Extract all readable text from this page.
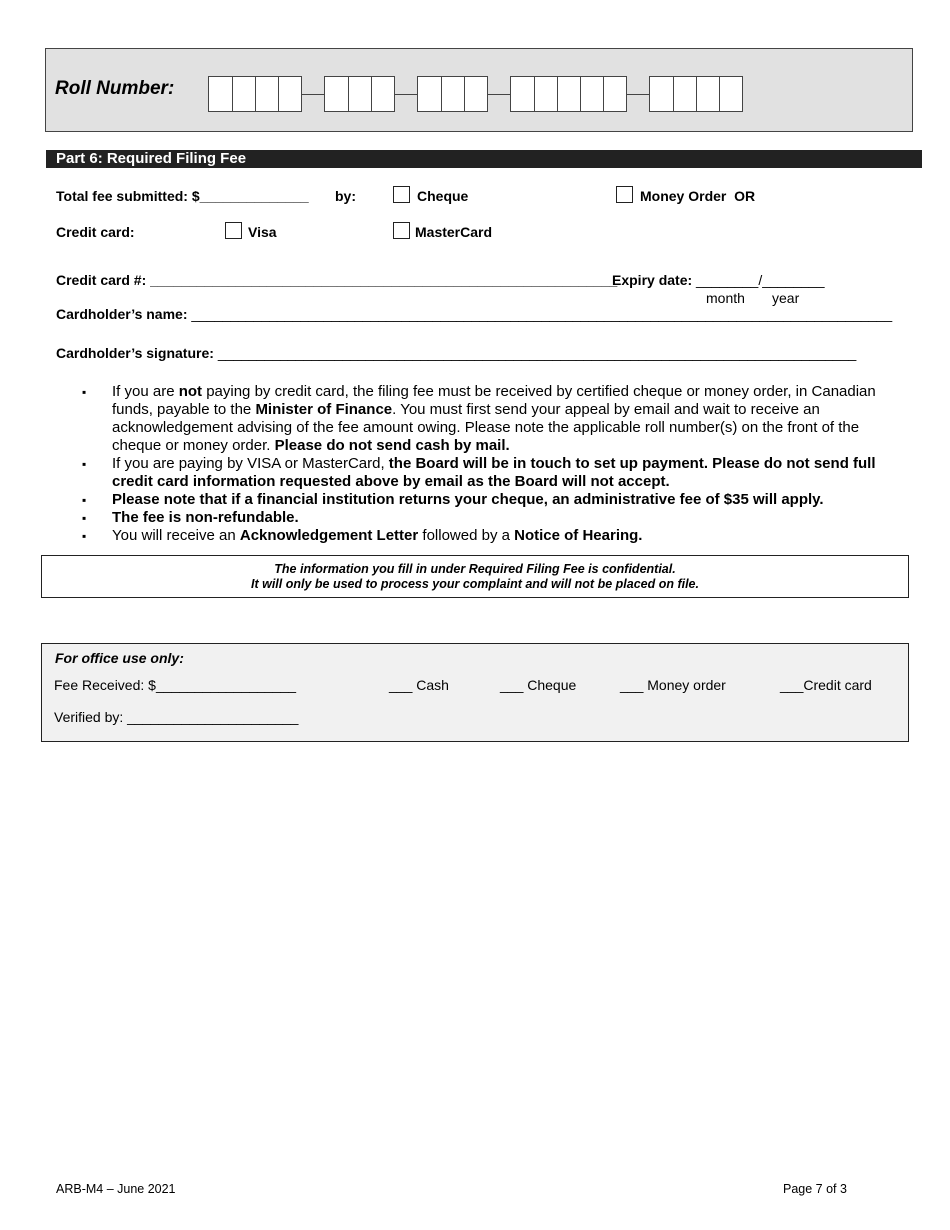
Roll Number:
Part 6: Required Filing Fee
Total fee submitted: $______________ by:	Cheque	Money Order OR
Credit card:	Visa	MasterCard
Credit card #: ____________________________________________________________
Expiry date: ________/________
month year
Cardholder’s name: __________________________________________________________________________________________
Cardholder’s signature: __________________________________________________________________________________
▪ If you are not paying by credit card, the filing fee must be received by certified cheque or money order, in Canadian funds, payable to the Minister of Finance. You must first send your appeal by email and wait to receive an acknowledgement advising of the fee amount owing. Please note the applicable roll number(s) on the front of the cheque or money order. Please do not send cash by mail.
▪ If you are paying by VISA or MasterCard, the Board will be in touch to set up payment. Please do not send full credit card information requested above by email as the Board will not accept.
▪ Please note that if a financial institution returns your cheque, an administrative fee of $35 will apply.
▪ The fee is non-refundable.
▪ You will receive an Acknowledgement Letter followed by a Notice of Hearing.
The information you fill in under Required Filing Fee is confidential.
It will only be used to process your complaint and will not be placed on file.
For office use only:
Fee Received: $__________________	___ Cash	___ Cheque	___ Money order	___Credit card
Verified by: ______________________
ARB-M4 – June 2021	Page 7 of 3
